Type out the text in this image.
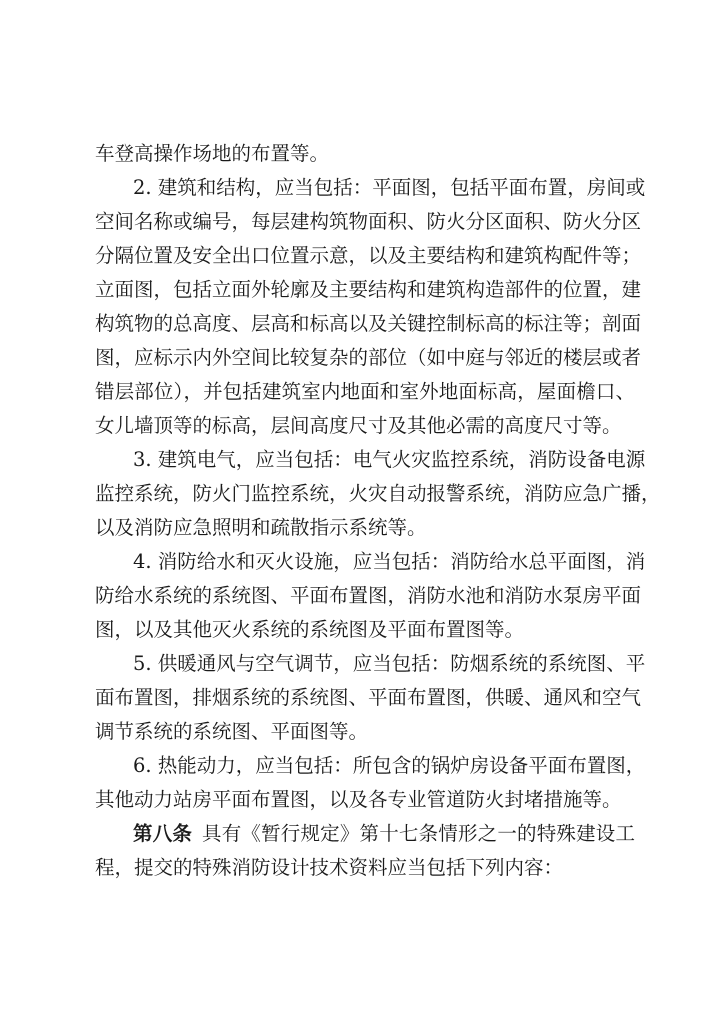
车登高操作场地的布置等。
2. 建筑和结构，应当包括：平面图，包括平面布置，房间或
空间名称或编号，每层建构筑物面积、防火分区面积、防火分区
分隔位置及安全出口位置示意，以及主要结构和建筑构配件等；
立面图，包括立面外轮廓及主要结构和建筑构造部件的位置，建
构筑物的总高度、层高和标高以及关键控制标高的标注等；剖面
图，应标示内外空间比较复杂的部位（如中庭与邻近的楼层或者
错层部位），并包括建筑室内地面和室外地面标高，屋面檐口、
女儿墙顶等的标高，层间高度尺寸及其他必需的高度尺寸等。
3. 建筑电气，应当包括：电气火灾监控系统，消防设备电源
监控系统，防火门监控系统，火灾自动报警系统，消防应急广播，
以及消防应急照明和疏散指示系统等。
4. 消防给水和灭火设施，应当包括：消防给水总平面图，消
防给水系统的系统图、平面布置图，消防水池和消防水泵房平面
图，以及其他灭火系统的系统图及平面布置图等。
5. 供暖通风与空气调节，应当包括：防烟系统的系统图、平
面布置图，排烟系统的系统图、平面布置图，供暖、通风和空气
调节系统的系统图、平面图等。
6. 热能动力，应当包括：所包含的锅炉房设备平面布置图，
其他动力站房平面布置图，以及各专业管道防火封堵措施等。
第八条  具有《暂行规定》第十七条情形之一的特殊建设工
程，提交的特殊消防设计技术资料应当包括下列内容：
